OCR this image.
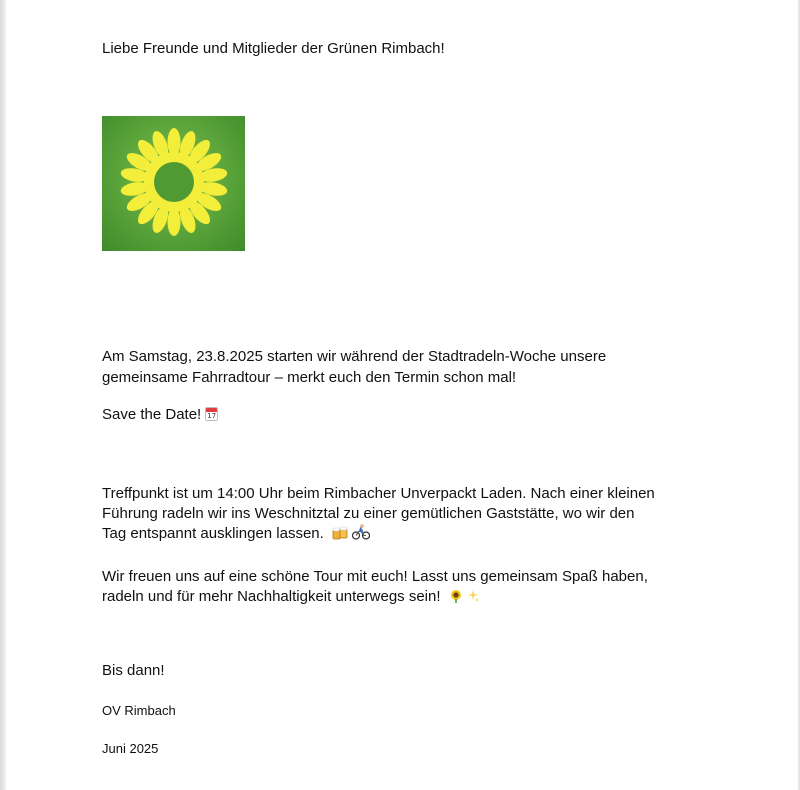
Liebe Freunde und Mitglieder der Grünen Rimbach!

Am Samstag, 23.8.2025 starten wir während der Stadtradeln-Woche unsere

gemeinsame Fahrradtour – merkt euch den Termin schon mal!

Save the Date! 17

Treffpunkt ist um 14:00 Uhr beim Rimbacher Unverpackt Laden. Nach einer kleinen

Führung radeln wir ins Weschnitztal zu einer gemütlichen Gaststätte, wo wir den

Tag entspannt ausklingen lassen.

Wir freuen uns auf eine schöne Tour mit euch! Lasst uns gemeinsam Spaß haben,

radeln und für mehr Nachhaltigkeit unterwegs sein!

Bis dann!

OV Rimbach

Juni 2025
